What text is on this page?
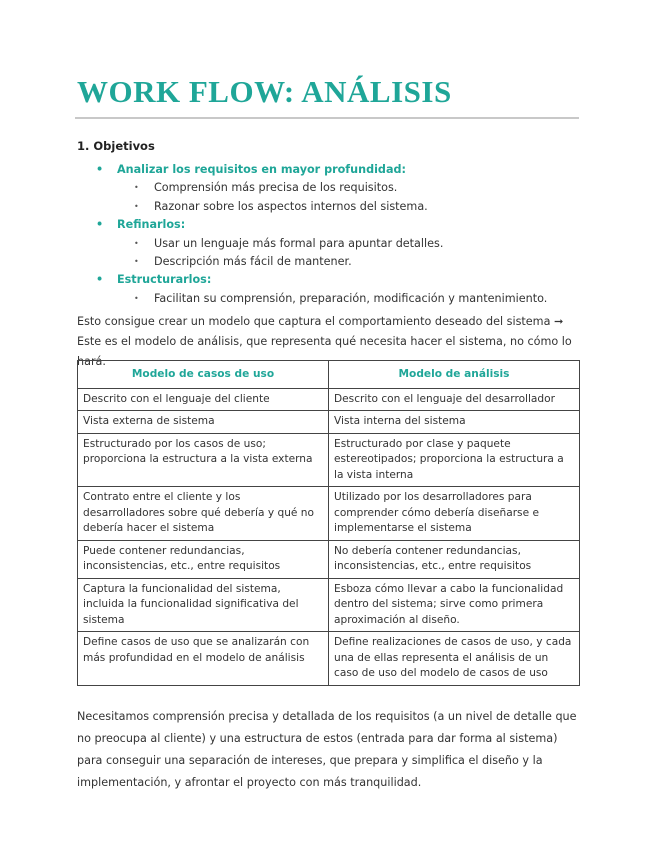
WORK FLOW: ANÁLISIS
1. Objetivos
• Analizar los requisitos en mayor profundidad:
• Comprensión más precisa de los requisitos.
• Razonar sobre los aspectos internos del sistema.
• Refinarlos:
• Usar un lenguaje más formal para apuntar detalles.
• Descripción más fácil de mantener.
• Estructurarlos:
• Facilitan su comprensión, preparación, modificación y mantenimiento.

Esto consigue crear un modelo que captura el comportamiento deseado del sistema ➞ Este es el modelo de análisis, que representa qué necesita hacer el sistema, no cómo lo hará.

Modelo de casos de uso	Modelo de análisis
Descrito con el lenguaje del cliente	Descrito con el lenguaje del desarrollador
Vista externa de sistema	Vista interna del sistema
Estructurado por los casos de uso; proporciona la estructura a la vista externa	Estructurado por clase y paquete estereotipados; proporciona la estructura a la vista interna
Contrato entre el cliente y los desarrolladores sobre qué debería y qué no debería hacer el sistema	Utilizado por los desarrolladores para comprender cómo debería diseñarse e implementarse el sistema
Puede contener redundancias, inconsistencias, etc., entre requisitos	No debería contener redundancias, inconsistencias, etc., entre requisitos
Captura la funcionalidad del sistema, incluida la funcionalidad significativa del sistema	Esboza cómo llevar a cabo la funcionalidad dentro del sistema; sirve como primera aproximación al diseño.
Define casos de uso que se analizarán con más profundidad en el modelo de análisis	Define realizaciones de casos de uso, y cada una de ellas representa el análisis de un caso de uso del modelo de casos de uso

Necesitamos comprensión precisa y detallada de los requisitos (a un nivel de detalle que no preocupa al cliente) y una estructura de estos (entrada para dar forma al sistema) para conseguir una separación de intereses, que prepara y simplifica el diseño y la implementación, y afrontar el proyecto con más tranquilidad.
